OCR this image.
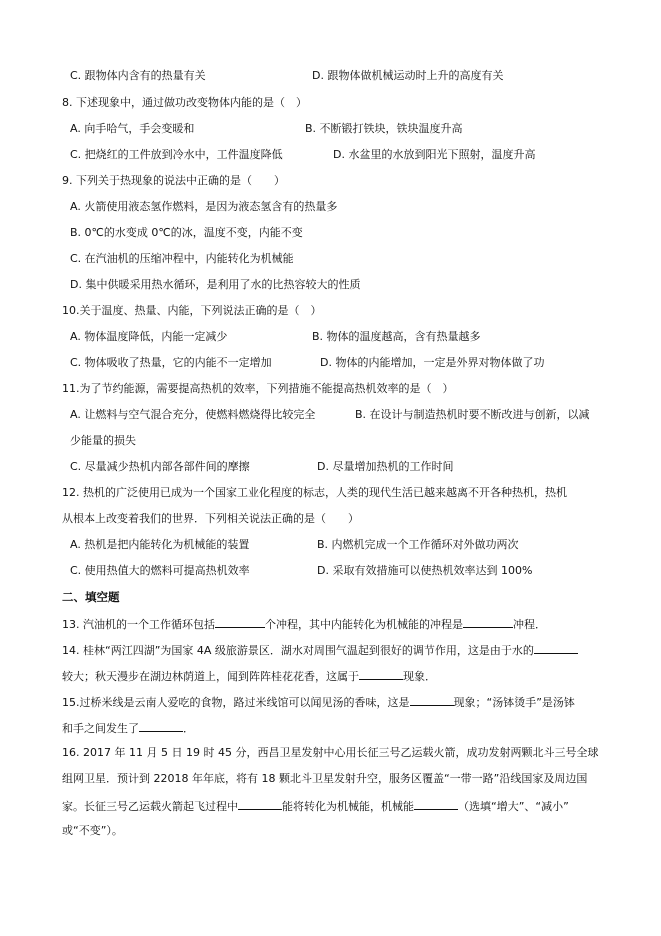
C. 跟物体内含有的热量有关	D. 跟物体做机械运动时上升的高度有关
8. 下述现象中，通过做功改变物体内能的是（　）
A. 向手哈气，手会变暖和	B. 不断锻打铁块，铁块温度升高
C. 把烧红的工件放到冷水中，工件温度降低	D. 水盆里的水放到阳光下照射，温度升高
9. 下列关于热现象的说法中正确的是（　　）
A. 火箭使用液态氢作燃料，是因为液态氢含有的热量多
B. 0℃的水变成 0℃的冰，温度不变，内能不变
C. 在汽油机的压缩冲程中，内能转化为机械能
D. 集中供暖采用热水循环，是利用了水的比热容较大的性质
10.关于温度、热量、内能，下列说法正确的是（　）
A. 物体温度降低，内能一定减少	B. 物体的温度越高，含有热量越多
C. 物体吸收了热量，它的内能不一定增加	D. 物体的内能增加，一定是外界对物体做了功
11.为了节约能源，需要提高热机的效率，下列措施不能提高热机效率的是（　）
A. 让燃料与空气混合充分，使燃料燃烧得比较完全	B. 在设计与制造热机时要不断改进与创新，以减
少能量的损失
C. 尽量减少热机内部各部件间的摩擦	D. 尽量增加热机的工作时间
12. 热机的广泛使用已成为一个国家工业化程度的标志，人类的现代生活已越来越离不开各种热机，热机
从根本上改变着我们的世界．下列相关说法正确的是（　　）
A. 热机是把内能转化为机械能的装置	B. 内燃机完成一个工作循环对外做功两次
C. 使用热值大的燃料可提高热机效率	D. 采取有效措施可以使热机效率达到 100%
二、填空题
13. 汽油机的一个工作循环包括	个冲程，其中内能转化为机械能的冲程是	冲程．
14. 桂林“两江四湖”为国家 4A 级旅游景区．湖水对周围气温起到很好的调节作用，这是由于水的
较大；秋天漫步在湖边林荫道上，闻到阵阵桂花花香，这属于	现象．
15.过桥米线是云南人爱吃的食物，路过米线馆可以闻见汤的香味，这是	现象；“汤钵烫手”是汤钵
和手之间发生了	．
16. 2017 年 11 月 5 日 19 时 45 分，西昌卫星发射中心用长征三号乙运载火箭，成功发射两颗北斗三号全球
组网卫星．预计到 22018 年年底，将有 18 颗北斗卫星发射升空，服务区覆盖“一带一路”沿线国家及周边国
家。长征三号乙运载火箭起飞过程中	能将转化为机械能，机械能	（选填“增大”、“减小”
或“不变”）。
